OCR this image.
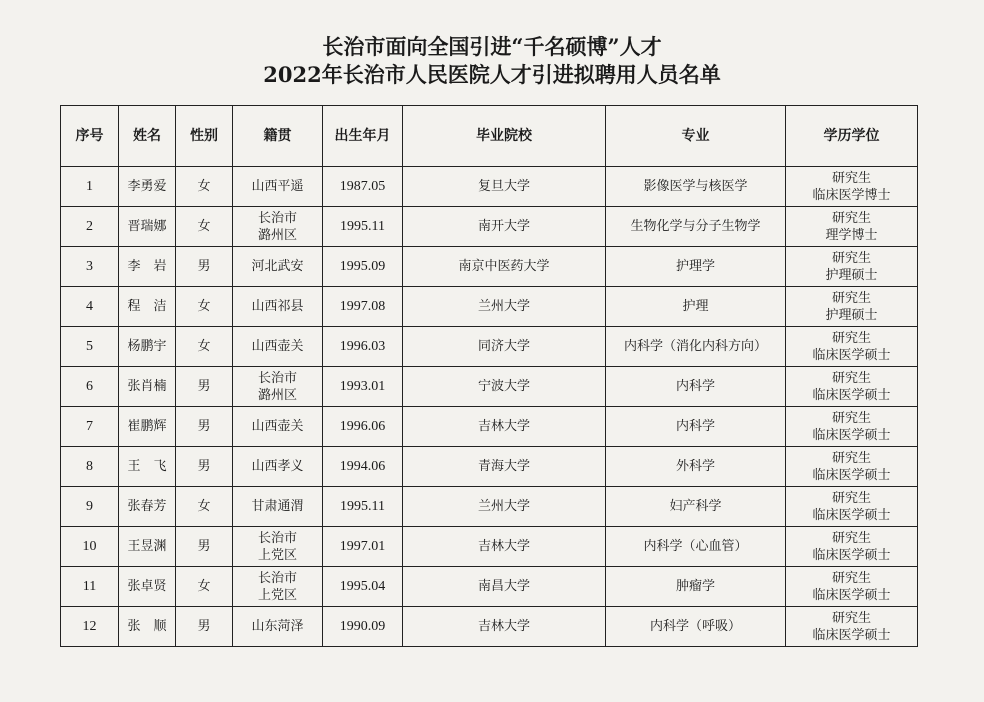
长治市面向全国引进“千名硕博”人才
2022年长治市人民医院人才引进拟聘用人员名单
序号	姓名	性别	籍贯	出生年月	毕业院校	专业	学历学位
1	李勇爱	女	山西平遥	1987.05	复旦大学	影像医学与核医学	研究生
临床医学博士

2	晋瑞娜	女	长治市
潞州区	1995.11	南开大学	生物化学与分子生物学	研究生
理学博士

3	李　岩	男	河北武安	1995.09	南京中医药大学	护理学	研究生
护理硕士

4	程　洁	女	山西祁县	1997.08	兰州大学	护理	研究生
护理硕士

5	杨鹏宇	女	山西壶关	1996.03	同济大学	内科学（消化内科方向）	研究生
临床医学硕士

6	张肖楠	男	长治市
潞州区	1993.01	宁波大学	内科学	研究生
临床医学硕士

7	崔鹏辉	男	山西壶关	1996.06	吉林大学	内科学	研究生
临床医学硕士

8	王　飞	男	山西孝义	1994.06	青海大学	外科学	研究生
临床医学硕士

9	张春芳	女	甘肃通渭	1995.11	兰州大学	妇产科学	研究生
临床医学硕士

10	王昱渊	男	长治市
上党区	1997.01	吉林大学	内科学（心血管）	研究生
临床医学硕士

11	张卓贤	女	长治市
上党区	1995.04	南昌大学	肿瘤学	研究生
临床医学硕士

12	张　顺	男	山东菏泽	1990.09	吉林大学	内科学（呼吸）	研究生
临床医学硕士
